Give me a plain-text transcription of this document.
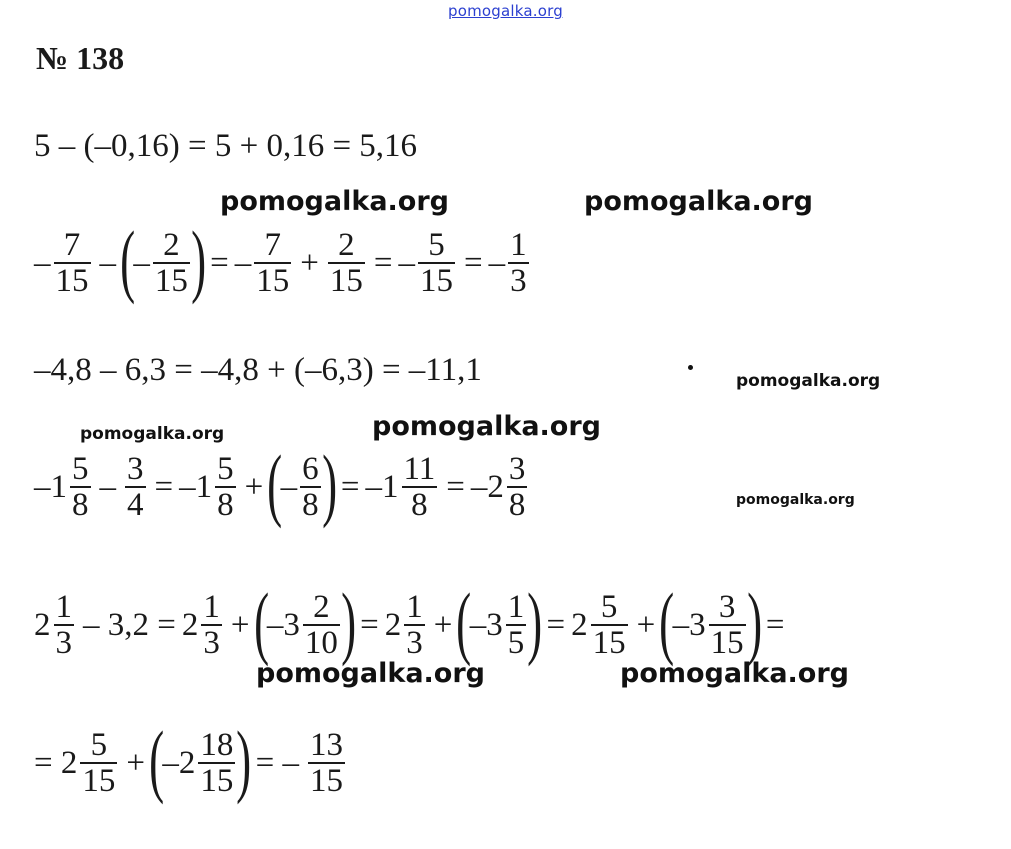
pomogalka.org
pomogalka.org	pomogalka.org
pomogalka.org
pomogalka.org
pomogalka.org
pomogalka.org
pomogalka.org	pomogalka.org
№ 138
5 – (–0,16) = 5 + 0,16 = 5,16
– $\frac{7}{15}$ – (
– $\frac{2}{15}$ ) = – $\frac{7}{15} + \frac{2}{15}$ = – $\frac{5}{15}$ = – $\frac{1}{3}$
–4,8 – 6,3 = –4,8 + (–6,3) = –11,1
$-1 \frac{5}{8} - \frac{3}{4} = -1 \frac{5}{8}$ + (
– $\frac{6}{8}$ ) = $-1 \frac{11}{8} = -2 \frac{3}{8}$
$2 \frac{1}{3} - 3,2 = 2 \frac{1}{3}$ + (
$-3 \frac{2}{10}$ ) = $2 \frac{1}{3}$ + (
$-3 \frac{1}{5}$ ) = $2 \frac{5}{15}$ + (
$-3 \frac{3}{15}$ ) =
= $2 \frac{5}{15}$ + (
$-2 \frac{18}{15}$ ) = – $\frac{13}{15}$
